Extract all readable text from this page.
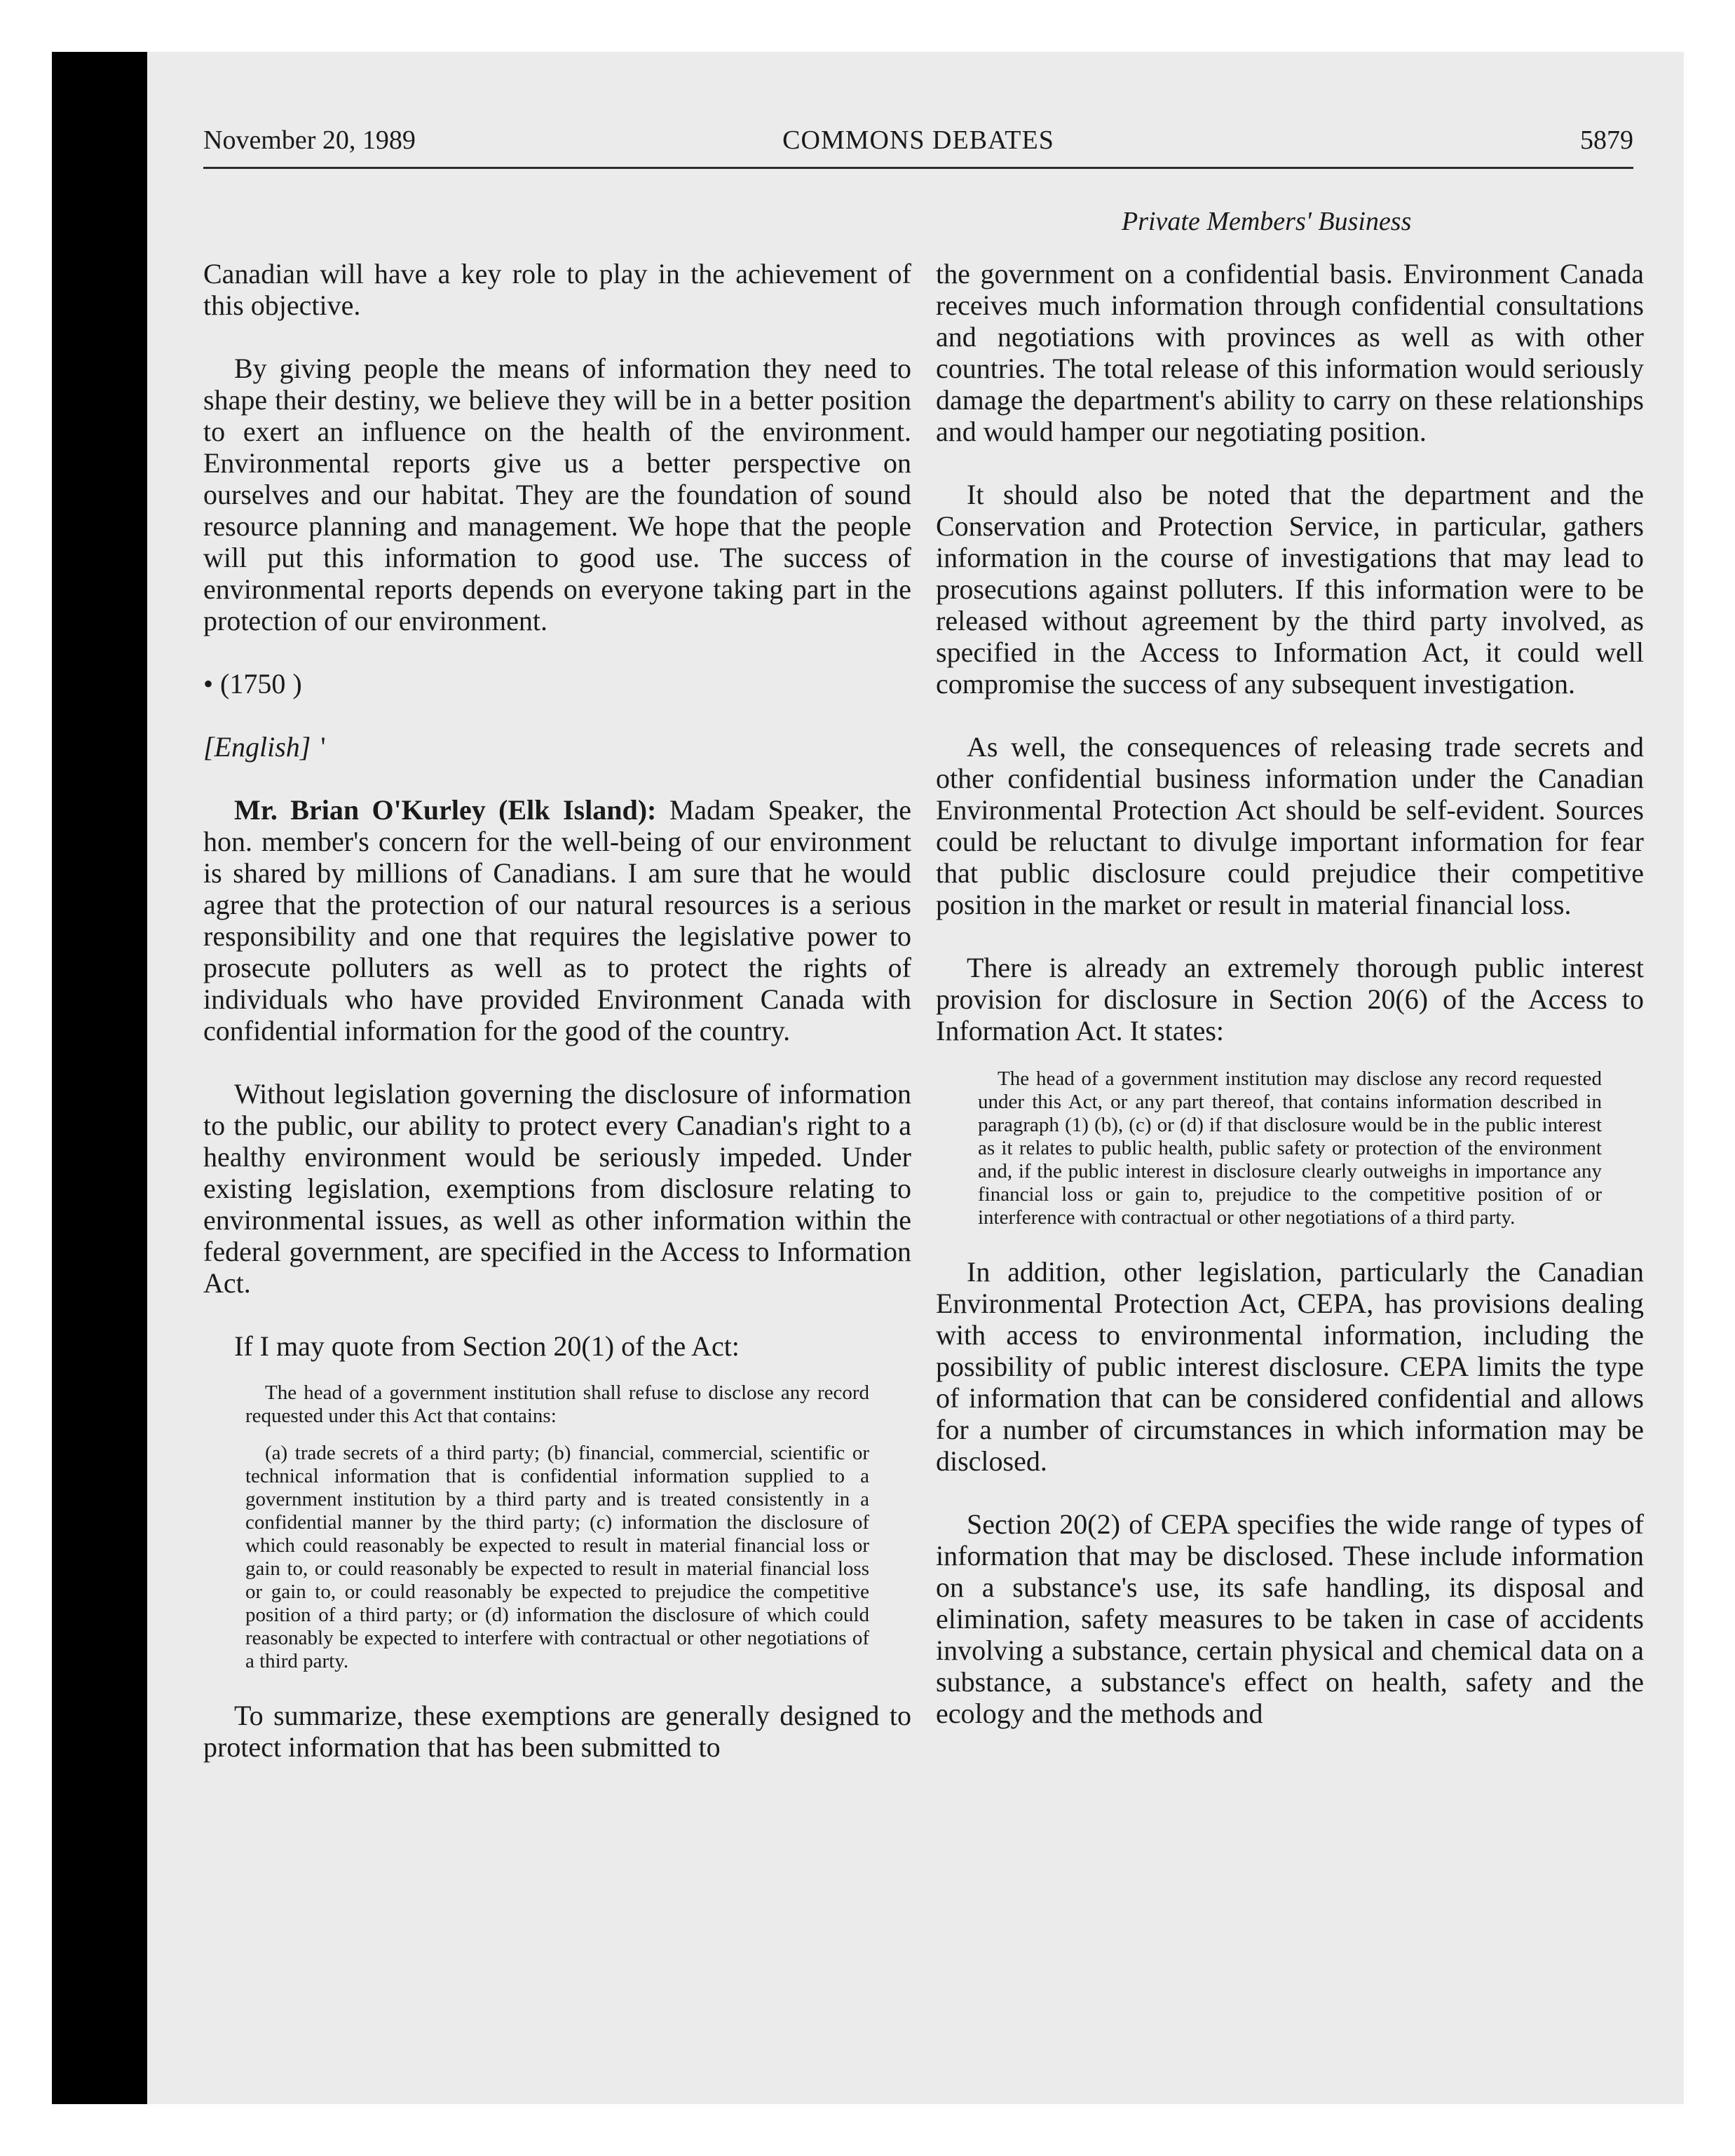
November 20, 1989	COMMONS DEBATES	5879
Private Members' Business

Canadian will have a key role to play in the achievement of this objective.

By giving people the means of information they need to shape their destiny, we believe they will be in a better position to exert an influence on the health of the environment. Environmental reports give us a better perspective on ourselves and our habitat. They are the foundation of sound resource planning and management. We hope that the people will put this information to good use. The success of environmental reports depends on everyone taking part in the protection of our environment.

• (1750 )

[English] '

Mr. Brian O'Kurley (Elk Island): Madam Speaker, the hon. member's concern for the well-being of our environment is shared by millions of Canadians. I am sure that he would agree that the protection of our natural resources is a serious responsibility and one that requires the legislative power to prosecute polluters as well as to protect the rights of individuals who have provided Environment Canada with confidential information for the good of the country.

Without legislation governing the disclosure of information to the public, our ability to protect every Canadian's right to a healthy environment would be seriously impeded. Under existing legislation, exemptions from disclosure relating to environmental issues, as well as other information within the federal government, are specified in the Access to Information Act.

If I may quote from Section 20(1) of the Act:

The head of a government institution shall refuse to disclose any record requested under this Act that contains:

(a) trade secrets of a third party; (b) financial, commercial, scientific or technical information that is confidential information supplied to a government institution by a third party and is treated consistently in a confidential manner by the third party; (c) information the disclosure of which could reasonably be expected to result in material financial loss or gain to, or could reasonably be expected to result in material financial loss or gain to, or could reasonably be expected to prejudice the competitive position of a third party; or (d) information the disclosure of which could reasonably be expected to interfere with contractual or other negotiations of a third party.

To summarize, these exemptions are generally designed to protect information that has been submitted to

the government on a confidential basis. Environment Canada receives much information through confidential consultations and negotiations with provinces as well as with other countries. The total release of this information would seriously damage the department's ability to carry on these relationships and would hamper our negotiating position.

It should also be noted that the department and the Conservation and Protection Service, in particular, gathers information in the course of investigations that may lead to prosecutions against polluters. If this information were to be released without agreement by the third party involved, as specified in the Access to Information Act, it could well compromise the success of any subsequent investigation.

As well, the consequences of releasing trade secrets and other confidential business information under the Canadian Environmental Protection Act should be self-evident. Sources could be reluctant to divulge important information for fear that public disclosure could prejudice their competitive position in the market or result in material financial loss.

There is already an extremely thorough public interest provision for disclosure in Section 20(6) of the Access to Information Act. It states:

The head of a government institution may disclose any record requested under this Act, or any part thereof, that contains information described in paragraph (1) (b), (c) or (d) if that disclosure would be in the public interest as it relates to public health, public safety or protection of the environment and, if the public interest in disclosure clearly outweighs in importance any financial loss or gain to, prejudice to the competitive position of or interference with contractual or other negotiations of a third party.

In addition, other legislation, particularly the Canadian Environmental Protection Act, CEPA, has provisions dealing with access to environmental information, including the possibility of public interest disclosure. CEPA limits the type of information that can be considered confidential and allows for a number of circumstances in which information may be disclosed.

Section 20(2) of CEPA specifies the wide range of types of information that may be disclosed. These include information on a substance's use, its safe handling, its disposal and elimination, safety measures to be taken in case of accidents involving a substance, certain physical and chemical data on a substance, a substance's effect on health, safety and the ecology and the methods and
